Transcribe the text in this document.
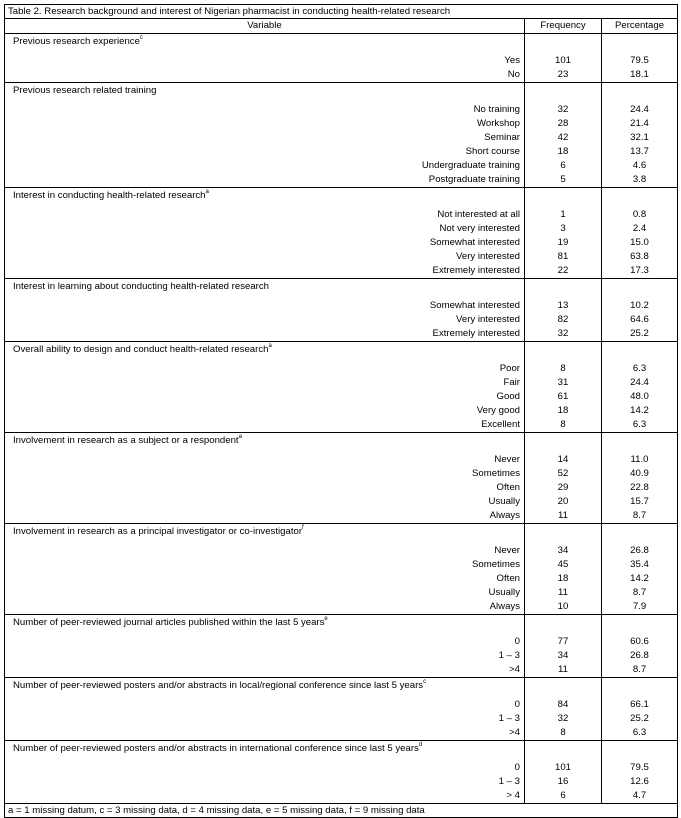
Table 2. Research background and interest of Nigerian pharmacist in conducting health-related research		
Variable	Frequency	Percentage
Previous research experience$^c$		
Yes	101	79.5
No	23	18.1
Previous research related training		
No training	32	24.4
Workshop	28	21.4
Seminar	42	32.1
Short course	18	13.7
Undergraduate training	6	4.6
Postgraduate training	5	3.8
Interest in conducting health-related research$^a$		
Not interested at all	1	0.8
Not very interested	3	2.4
Somewhat interested	19	15.0
Very interested	81	63.8
Extremely interested	22	17.3
Interest in learning about conducting health-related research		
Somewhat interested	13	10.2
Very interested	82	64.6
Extremely interested	32	25.2
Overall ability to design and conduct health-related research$^a$		
Poor	8	6.3
Fair	31	24.4
Good	61	48.0
Very good	18	14.2
Excellent	8	6.3
Involvement in research as a subject or a respondent$^a$		
Never	14	11.0
Sometimes	52	40.9
Often	29	22.8
Usually	20	15.7
Always	11	8.7
Involvement in research as a principal investigator or co-investigator$^f$		
Never	34	26.8
Sometimes	45	35.4
Often	18	14.2
Usually	11	8.7
Always	10	7.9
Number of peer-reviewed journal articles published within the last 5 years$^e$		
0	77	60.6
1 – 3	34	26.8
>4	11	8.7
Number of peer-reviewed posters and/or abstracts in local/regional conference since last 5 years$^c$		
0	84	66.1
1 – 3	32	25.2
>4	8	6.3
Number of peer-reviewed posters and/or abstracts in international conference since last 5 years$^d$		
0	101	79.5
1 – 3	16	12.6
> 4	6	4.7
a = 1 missing datum, c = 3 missing data, d = 4 missing data, e = 5 missing data, f = 9 missing data		
